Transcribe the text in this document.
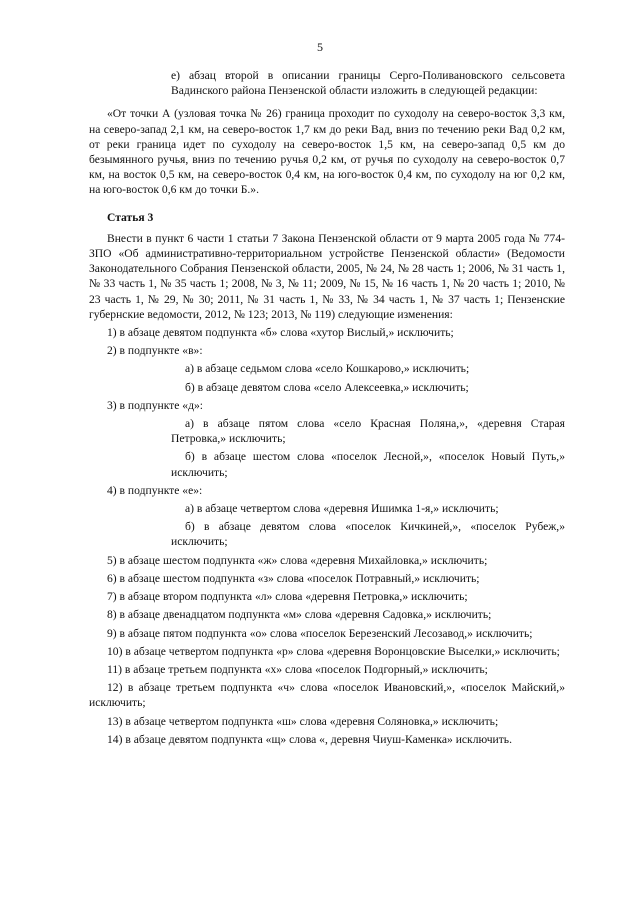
5

е) абзац второй в описании границы Серго-Поливановского сельсовета Вадинского района Пензенской области изложить в следующей редакции:

«От точки А (узловая точка № 26) граница проходит по суходолу на северо-восток 3,3 км, на северо-запад 2,1 км, на северо-восток 1,7 км до реки Вад, вниз по течению реки Вад 0,2 км, от реки граница идет по суходолу на северо-восток 1,5 км, на северо-запад 0,5 км до безымянного ручья, вниз по течению ручья 0,2 км, от ручья по суходолу на северо-восток 0,7 км, на восток 0,5 км, на северо-восток 0,4 км, на юго-восток 0,4 км, по суходолу на юг 0,2 км, на юго-восток 0,6 км до точки Б.».

Статья 3

Внести в пункт 6 части 1 статьи 7 Закона Пензенской области от 9 марта 2005 года № 774-ЗПО «Об административно-территориальном устройстве Пензенской области» (Ведомости Законодательного Собрания Пензенской области, 2005, № 24, № 28 часть 1; 2006, № 31 часть 1, № 33 часть 1, № 35 часть 1; 2008, № 3, № 11; 2009, № 15, № 16 часть 1, № 20 часть 1; 2010, № 23 часть 1, № 29, № 30; 2011, № 31 часть 1, № 33, № 34 часть 1, № 37 часть 1; Пензенские губернские ведомости, 2012, № 123; 2013, № 119) следующие изменения:

1) в абзаце девятом подпункта «б» слова «хутор Вислый,» исключить;

2) в подпункте «в»:

а) в абзаце седьмом слова «село Кошкарово,» исключить;

б) в абзаце девятом слова «село Алексеевка,» исключить;

3) в подпункте «д»:

а) в абзаце пятом слова «село Красная Поляна,», «деревня Старая Петровка,» исключить;

б) в абзаце шестом слова «поселок Лесной,», «поселок Новый Путь,» исключить;

4) в подпункте «е»:

а) в абзаце четвертом слова «деревня Ишимка 1-я,» исключить;

б) в абзаце девятом слова «поселок Кичкиней,», «поселок Рубеж,» исключить;

5) в абзаце шестом подпункта «ж» слова «деревня Михайловка,» исключить;

6) в абзаце шестом подпункта «з» слова «поселок Потравный,» исключить;

7) в абзаце втором подпункта «л» слова «деревня Петровка,» исключить;

8) в абзаце двенадцатом подпункта «м» слова «деревня Садовка,» исключить;

9) в абзаце пятом подпункта «о» слова «поселок Березенский Лесозавод,» исключить;

10) в абзаце четвертом подпункта «р» слова «деревня Воронцовские Выселки,» исключить;

11) в абзаце третьем подпункта «х» слова «поселок Подгорный,» исключить;

12) в абзаце третьем подпункта «ч» слова «поселок Ивановский,», «поселок Майский,» исключить;

13) в абзаце четвертом подпункта «ш» слова «деревня Соляновка,» исключить;

14) в абзаце девятом подпункта «щ» слова «, деревня Чиуш-Каменка» исключить.
